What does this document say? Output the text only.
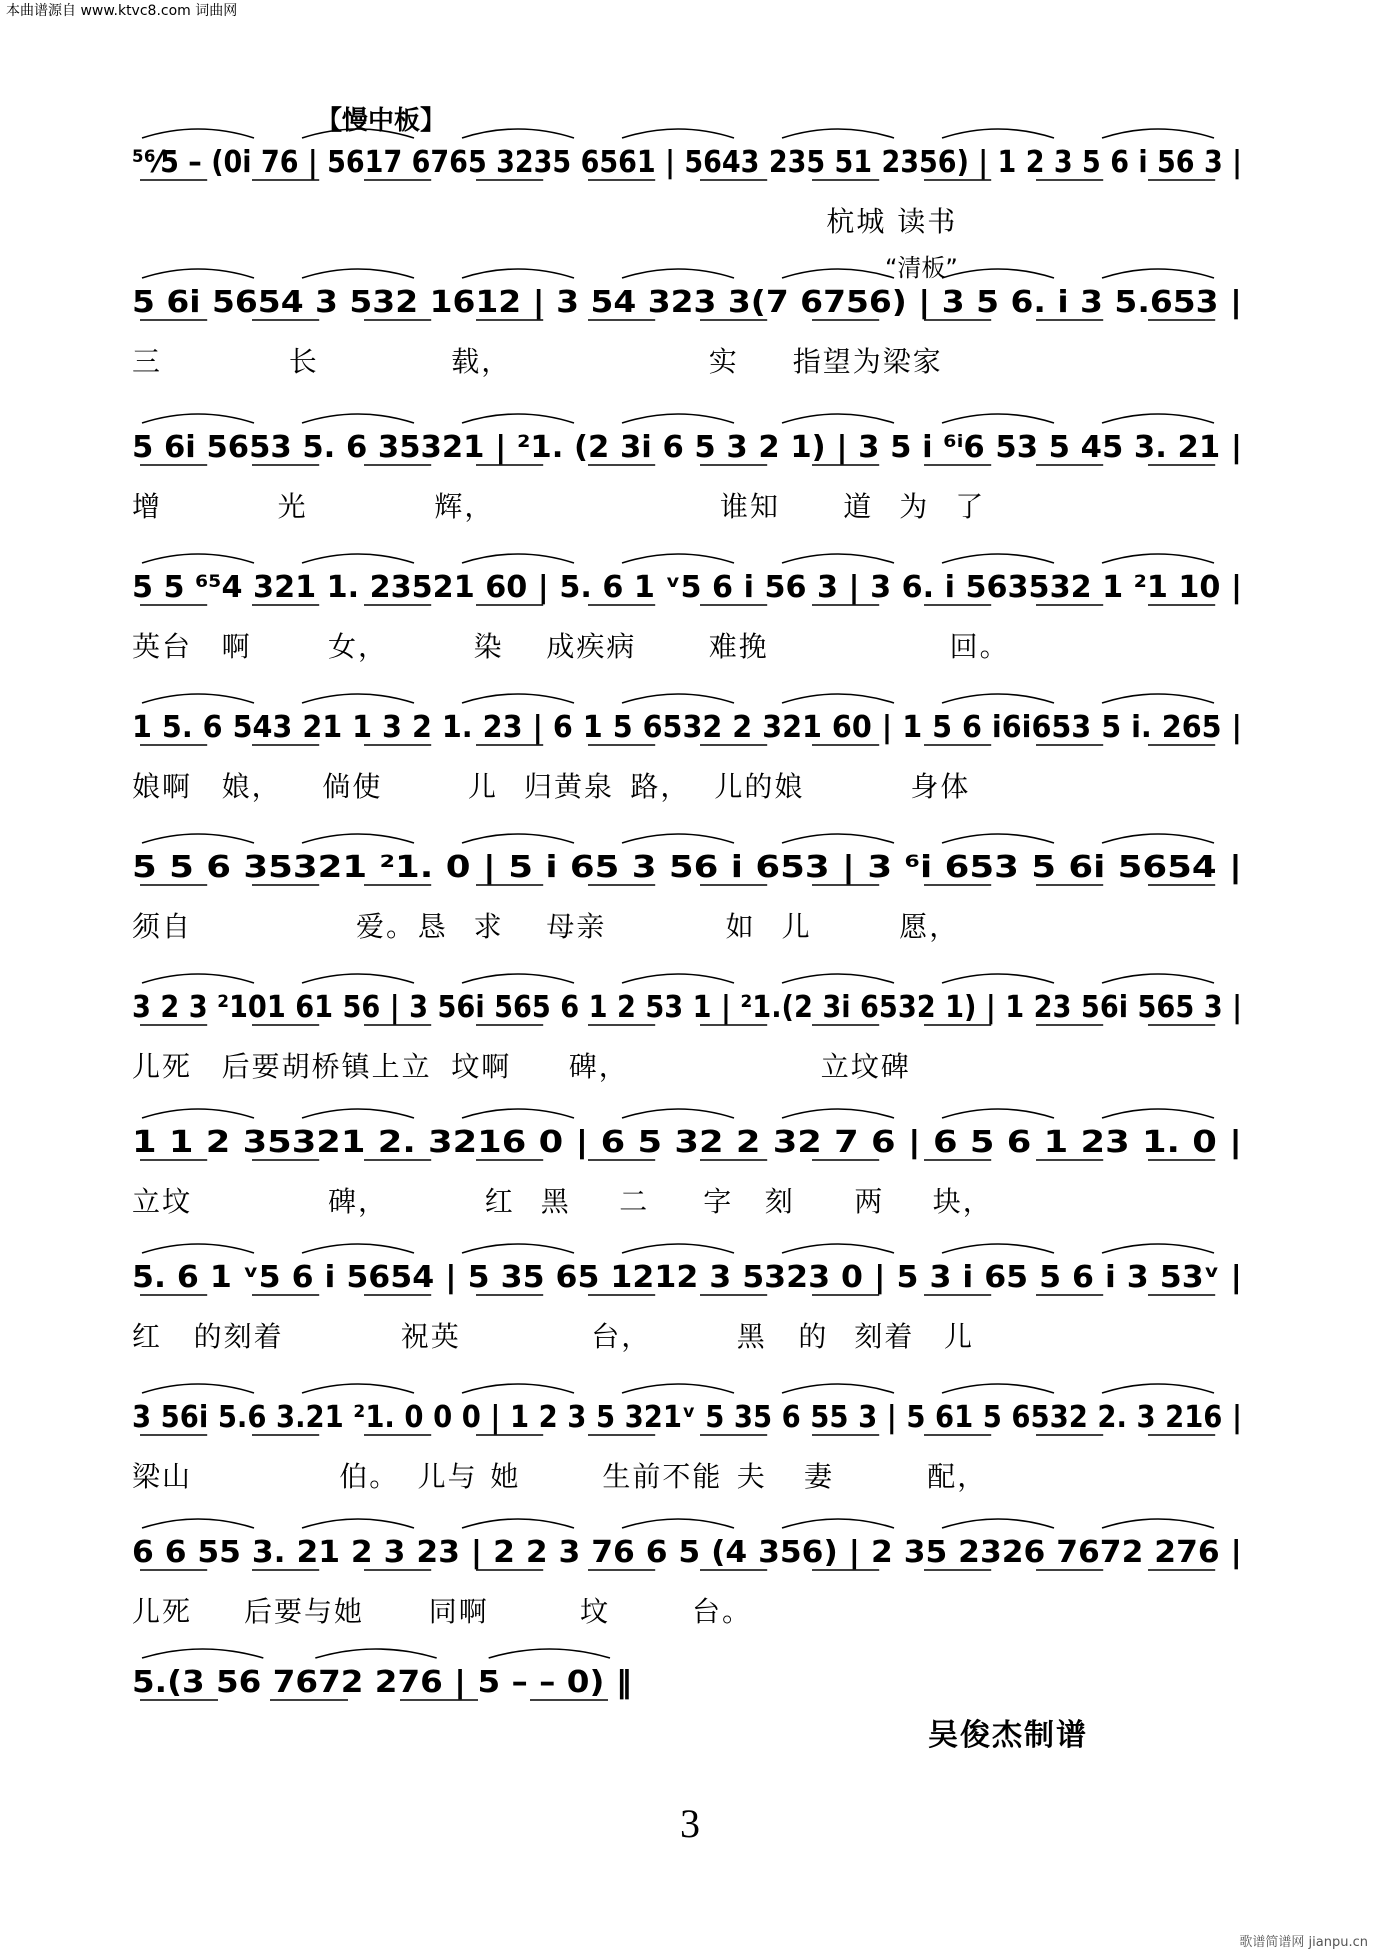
本曲谱源自 www.ktvc8.com 词曲网
【慢中板】
“清板”
⁵⁶⁄5 – (0i 76 | 5617 6765 3235 6561 | 5643 235 51 2356) | 1 2 3 5 6 i 56 3 |
杭城 读书
5 6i 5654 3 532 1612 | 3 54 323 3(7 6756) | 3 5 6. i 3 5.653 |
三	长	载，	实 指望为梁家
5 6i 5653 5. 6 35321 | ²1. (2 3i 6 5 3 2 1) | 3 5 i ⁶ⁱ6 53 5 45 3. 21 |
增	光	辉，	谁知 道 为 了
5 5 ⁶⁵4 321 1. 23521 60 | 5. 6 1 ᵛ5 6 i 56 3 | 3 6. i 563532 1 ²1 10 |
英台 啊	女，	染 成疾病	难挽	回。
1 5. 6 543 21 1 3 2 1. 23 | 6 1 5 6532 2 321 60 | 1 5 6 i6i653 5 i. 265 |
娘啊 娘， 倘使	儿 归黄泉 路， 儿的娘	身体
5 5 6 35321 ²1. 0 | 5 i 65 3 56 i 653 | 3 ⁶i 653 5 6i 5654 |
须自	爱。 恳 求 母亲	如 儿	愿，
3 2 3 ²101 61 56 | 3 56i 565 6 1 2 53 1 | ²1.(2 3i 6532 1) | 1 23 56i 565 3 |
儿死 后要胡桥镇上立 坟啊 碑，	立坟碑
1 1 2 35321 2. 3216 0 | 6 5 32 2 32 7 6 | 6 5 6 1 23 1. 0 |
立坟	碑，	红 黑 二 字 刻 两 块，
5. 6 1 ᵛ5 6 i 5654 | 5 35 65 1212 3 5323 0 | 5 3 i 65 5 6 i 3 53ᵛ |
红 的刻着	祝英	台，	黑 的 刻着 儿
3 56i 5.6 3.21 ²1. 0 0 0 | 1 2 3 5 321ᵛ 5 35 6 55 3 | 5 61 5 6532 2. 3 216 |
梁山	伯。 儿与 她	生前不能 夫 妻	配，
6 6 55 3. 21 2 3 23 | 2 2 3 76 6 5 (4 356) | 2 35 2326 7672 276 |
儿死 后要与她 同啊	坟	台。
5.(3 56 7672 276 | 5 – – 0) ‖
吴俊杰制谱
3
歌谱简谱网 jianpu.cn
